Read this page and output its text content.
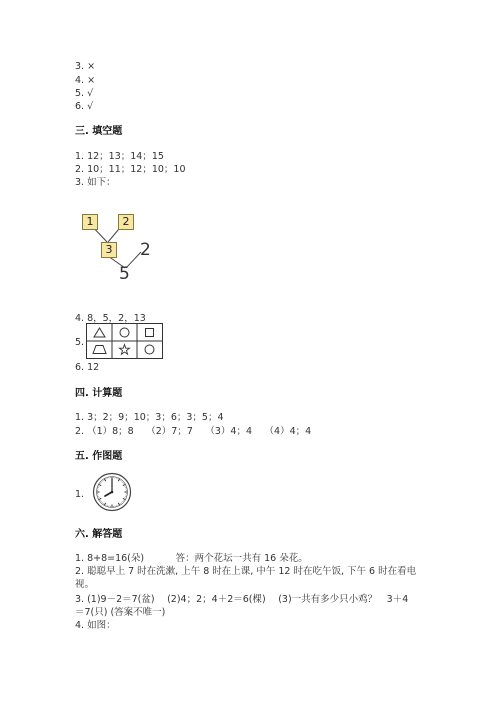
3. ×
4. ×
5. √
6. √
三. 填空题
1. 12；13；14；15
2. 10；11；12；10；10
3. 如下：
1	2
3 2
5
4. 8，5，2，13
5.
6. 12
四. 计算题
1. 3；2；9；10；3；6；3；5；4
2. （1）8；8　 （2）7；7　 （3）4；4　 （4）4；4
五. 作图题
1.
六. 解答题
1. 8+8=16(朵)　　　 答：两个花坛一共有 16 朵花。
2. 聪聪早上 7 时在洗漱, 上午 8 时在上课, 中午 12 时在吃午饭, 下午 6 时在看电
视。
3. (1)9－2＝7(盆)　 (2)4；2；4＋2＝6(棵)　 (3)一共有多少只小鸡？　3＋4
＝7(只) (答案不唯一)
4. 如图：
